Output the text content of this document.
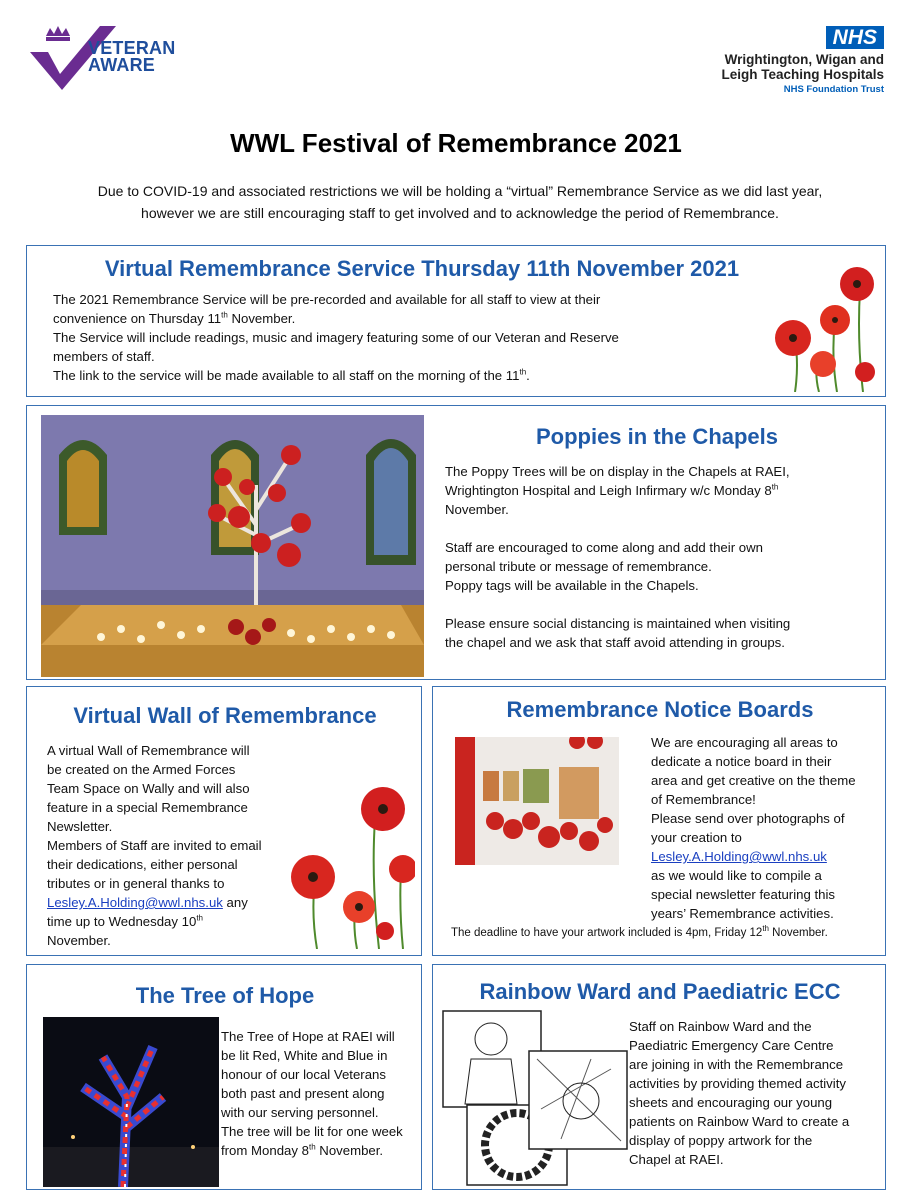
VETERAN
AWARE
NHS
Wrightington, Wigan and
Leigh Teaching Hospitals
NHS Foundation Trust
WWL Festival of Remembrance 2021
Due to COVID-19 and associated restrictions we will be holding a “virtual” Remembrance Service as we did last year,
however we are still encouraging staff to get involved and to acknowledge the period of Remembrance.
Virtual Remembrance Service Thursday 11th November 2021
The 2021 Remembrance Service will be pre-recorded and available for all staff to view at their
convenience on Thursday 11th November.
The Service will include readings, music and imagery featuring some of our Veteran and Reserve
members of staff.
The link to the service will be made available to all staff on the morning of the 11th.
Poppies in the Chapels
The Poppy Trees will be on display in the Chapels at RAEI,
Wrightington Hospital and Leigh Infirmary w/c Monday 8th
November.
Staff are encouraged to come along and add their own
personal tribute or message of remembrance.
Poppy tags will be available in the Chapels.
Please ensure social distancing is maintained when visiting
the chapel and we ask that staff avoid attending in groups.
Virtual Wall of Remembrance
A virtual Wall of Remembrance will
be created on the Armed Forces
Team Space on Wally and will also
feature in a special Remembrance
Newsletter.
Members of Staff are invited to email
their dedications, either personal
tributes or in general thanks to
Lesley.A.Holding@wwl.nhs.uk any
time up to Wednesday 10th
November.
Remembrance Notice Boards
We are encouraging all areas to
dedicate a notice board in their
area and get creative on the theme
of Remembrance!
Please send over photographs of
your creation to
Lesley.A.Holding@wwl.nhs.uk
as we would like to compile a
special newsletter featuring this
years’ Remembrance activities.
The deadline to have your artwork included is 4pm, Friday 12th November.
The Tree of Hope
The Tree of Hope at RAEI will
be lit Red, White and Blue in
honour of our local Veterans
both past and present along
with our serving personnel.
The tree will be lit for one week
from Monday 8th November.
Rainbow Ward and Paediatric ECC
Staff on Rainbow Ward and the
Paediatric Emergency Care Centre
are joining in with the Remembrance
activities by providing themed activity
sheets and encouraging our young
patients on Rainbow Ward to create a
display of poppy artwork for the
Chapel at RAEI.
